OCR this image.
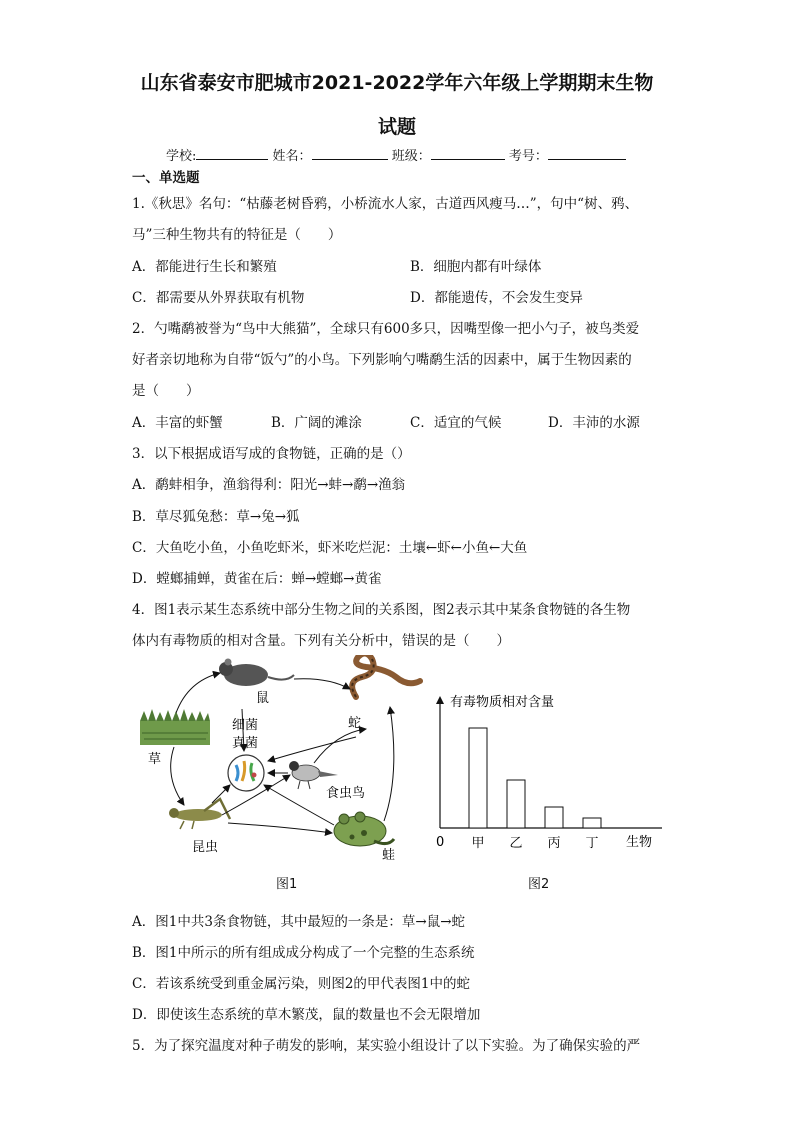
山东省泰安市肥城市2021-2022学年六年级上学期期末生物
试题
学校:	姓名：	班级：	考号：
一、单选题
1.《秋思》名句：“枯藤老树昏鸦，小桥流水人家，古道西风瘦马…”，句中“树、鸦、
马”三种生物共有的特征是（　　）
A．都能进行生长和繁殖	B．细胞内都有叶绿体
C．都需要从外界获取有机物	D．都能遗传，不会发生变异
2．勺嘴鹬被誉为“鸟中大熊猫”，全球只有600多只，因嘴型像一把小勺子，被鸟类爱
好者亲切地称为自带“饭勺”的小鸟。下列影响勺嘴鹬生活的因素中，属于生物因素的
是（　　）
A．丰富的虾蟹	B．广阔的滩涂	C．适宜的气候	D．丰沛的水源
3．以下根据成语写成的食物链，正确的是（）
A．鹬蚌相争，渔翁得利：阳光→蚌→鹬→渔翁
B．草尽狐兔愁：草→兔→狐
C．大鱼吃小鱼，小鱼吃虾米，虾米吃烂泥：土壤←虾←小鱼←大鱼
D．螳螂捕蝉，黄雀在后：蝉→螳螂→黄雀
4．图1表示某生态系统中部分生物之间的关系图，图2表示其中某条食物链的各生物
体内有毒物质的相对含量。下列有关分析中，错误的是（　　）
鼠
蛇
草
细菌
真菌
食虫鸟
昆虫
蛙
有毒物质相对含量
0	生物
甲 乙 丙 丁
图1	图2
A．图1中共3条食物链，其中最短的一条是：草→鼠→蛇
B．图1中所示的所有组成成分构成了一个完整的生态系统
C．若该系统受到重金属污染，则图2的甲代表图1中的蛇
D．即使该生态系统的草木繁茂，鼠的数量也不会无限增加
5．为了探究温度对种子萌发的影响，某实验小组设计了以下实验。为了确保实验的严
